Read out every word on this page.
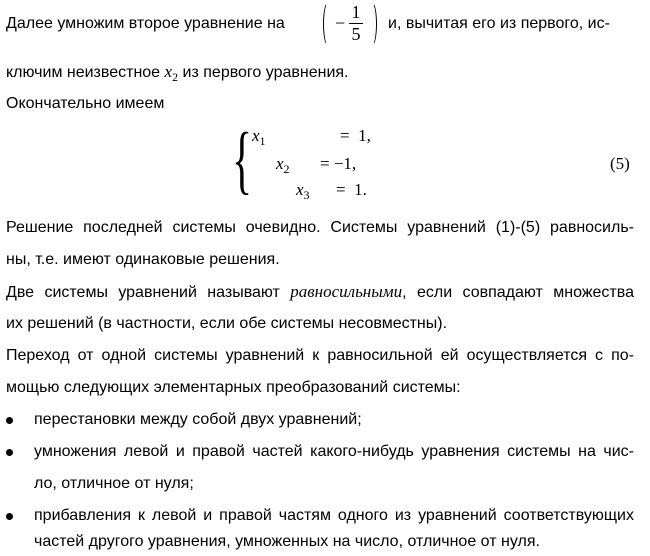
Далее умножим второе уравнение на	−
1
5
и, вычитая его из первого, ис-
ключим неизвестное $x_2$ из первого уравнения.
Окончательно имеем
{ $x_1$	=  1,
$x_2 = -1$,
$x_3 = 1$.
(5)
Решение последней системы очевидно. Системы уравнений (1)-(5) равносиль-
ны, т.е. имеют одинаковые решения.
Две системы уравнений называют равносильными, если совпадают множества
их решений (в частности, если обе системы несовместны).
Переход от одной системы уравнений к равносильной ей осуществляется с по-
мощью следующих элементарных преобразований системы:
перестановки между собой двух уравнений;
умножения левой и правой частей какого-нибудь уравнения системы на чис-
ло, отличное от нуля;
прибавления к левой и правой частям одного из уравнений соответствующих
частей другого уравнения, умноженных на число, отличное от нуля.
